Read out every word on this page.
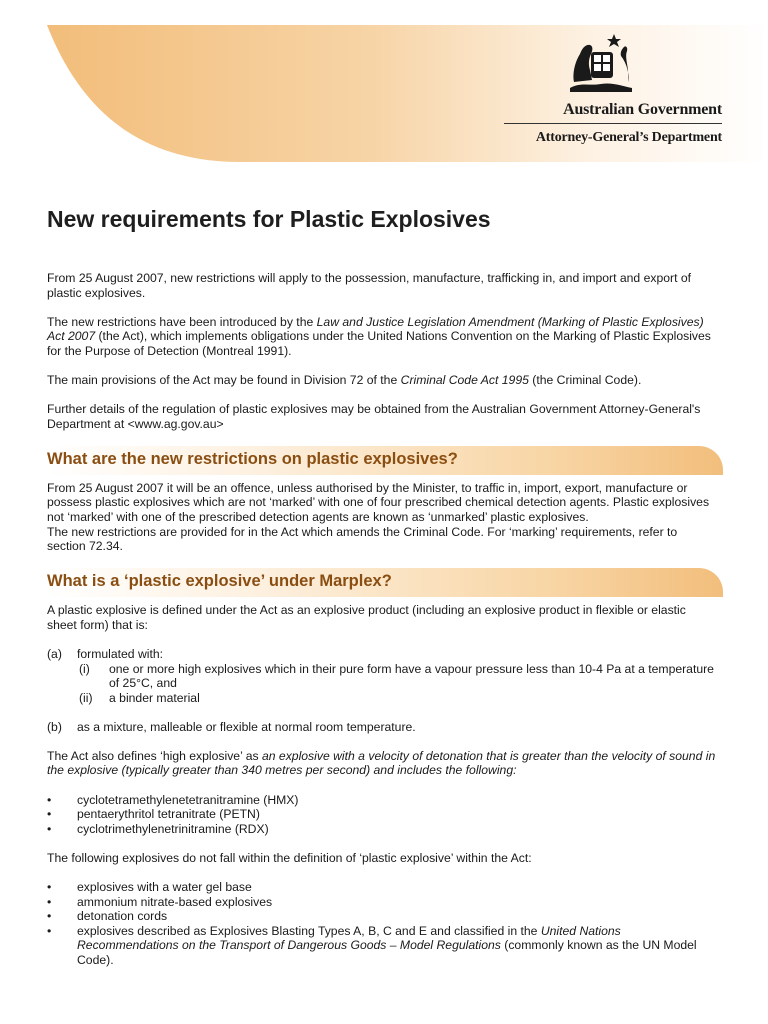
Australian Government
Attorney-General’s Department
New requirements for Plastic Explosives

From 25 August 2007, new restrictions will apply to the possession, manufacture, trafficking in, and import and export of plastic explosives.

The new restrictions have been introduced by the Law and Justice Legislation Amendment (Marking of Plastic Explosives) Act 2007 (the Act), which implements obligations under the United Nations Convention on the Marking of Plastic Explosives for the Purpose of Detection (Montreal 1991).

The main provisions of the Act may be found in Division 72 of the Criminal Code Act 1995 (the Criminal Code).

Further details of the regulation of plastic explosives may be obtained from the Australian Government Attorney-General's Department at <www.ag.gov.au>

What are the new restrictions on plastic explosives?

From 25 August 2007 it will be an offence, unless authorised by the Minister, to traffic in, import, export, manufacture or possess plastic explosives which are not ‘marked’ with one of four prescribed chemical detection agents. Plastic explosives not ‘marked’ with one of the prescribed detection agents are known as ‘unmarked’ plastic explosives.

The new restrictions are provided for in the Act which amends the Criminal Code. For ‘marking’ requirements, refer to section 72.34.

What is a ‘plastic explosive’ under Marplex?

A plastic explosive is defined under the Act as an explosive product (including an explosive product in flexible or elastic sheet form) that is:

(a)	formulated with:
(i)	one or more high explosives which in their pure form have a vapour pressure less than 10-4 Pa at a temperature of 25°C, and
(ii)	a binder material
(b)	as a mixture, malleable or flexible at normal room temperature.

The Act also defines ‘high explosive’ as an explosive with a velocity of detonation that is greater than the velocity of sound in the explosive (typically greater than 340 metres per second) and includes the following:

•	cyclotetramethylenetetranitramine (HMX)
•	pentaerythritol tetranitrate (PETN)
•	cyclotrimethylenetrinitramine (RDX)

The following explosives do not fall within the definition of ‘plastic explosive’ within the Act:

•	explosives with a water gel base
•	ammonium nitrate-based explosives
•	detonation cords
•	explosives described as Explosives Blasting Types A, B, C and E and classified in the United Nations Recommendations on the Transport of Dangerous Goods – Model Regulations (commonly known as the UN Model Code).
